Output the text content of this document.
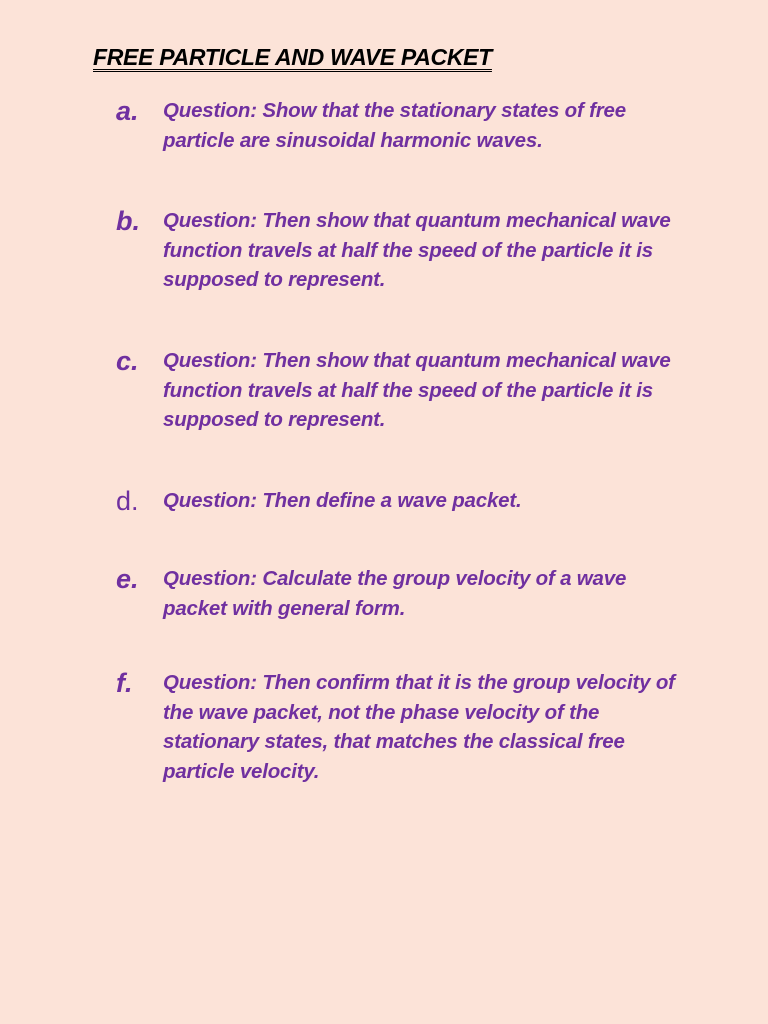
FREE PARTICLE AND WAVE PACKET
a. Question: Show that the stationary states of free particle are sinusoidal harmonic waves.

b. Question: Then show that quantum mechanical wave function travels at half the speed of the particle it is supposed to represent.

c. Question: Then show that quantum mechanical wave function travels at half the speed of the particle it is supposed to represent.

d. Question: Then define a wave packet.

e. Question: Calculate the group velocity of a wave packet with general form.

f. Question: Then confirm that it is the group velocity of the wave packet, not the phase velocity of the stationary states, that matches the classical free particle velocity.
